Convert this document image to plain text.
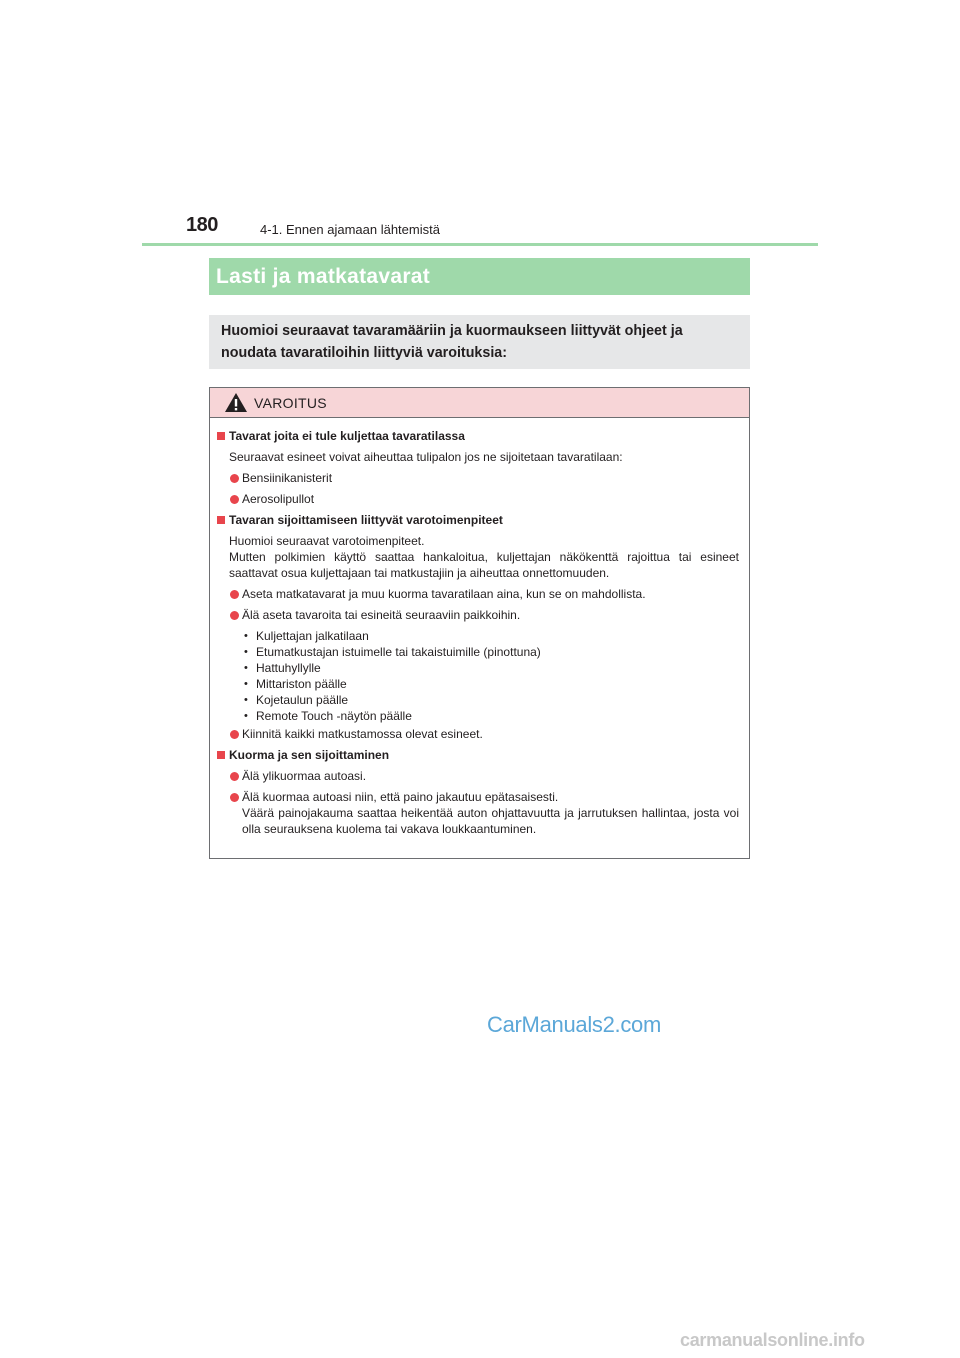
180	4-1. Ennen ajamaan lähtemistä
Lasti ja matkatavarat
Huomioi seuraavat tavaramääriin ja kuormaukseen liittyvät ohjeet ja noudata tavaratiloihin liittyviä varoituksia:
VAROITUS
Tavarat joita ei tule kuljettaa tavaratilassa
Seuraavat esineet voivat aiheuttaa tulipalon jos ne sijoitetaan tavaratilaan:
Bensiinikanisterit
Aerosolipullot
Tavaran sijoittamiseen liittyvät varotoimenpiteet
Huomioi seuraavat varotoimenpiteet.
Mutten polkimien käyttö saattaa hankaloitua, kuljettajan näkökenttä rajoittua tai esineet saattavat osua kuljettajaan tai matkustajiin ja aiheuttaa onnettomuuden.
Aseta matkatavarat ja muu kuorma tavaratilaan aina, kun se on mahdollista.
Älä aseta tavaroita tai esineitä seuraaviin paikkoihin.
• Kuljettajan jalkatilaan
• Etumatkustajan istuimelle tai takaistuimille (pinottuna)
• Hattuhyllylle
• Mittariston päälle
• Kojetaulun päälle
• Remote Touch -näytön päälle
Kiinnitä kaikki matkustamossa olevat esineet.
Kuorma ja sen sijoittaminen
Älä ylikuormaa autoasi.
Älä kuormaa autoasi niin, että paino jakautuu epätasaisesti.
Väärä painojakauma saattaa heikentää auton ohjattavuutta ja jarrutuksen hallintaa, josta voi olla seurauksena kuolema tai vakava loukkaantuminen.
CarManuals2.com
carmanualsonline.info
